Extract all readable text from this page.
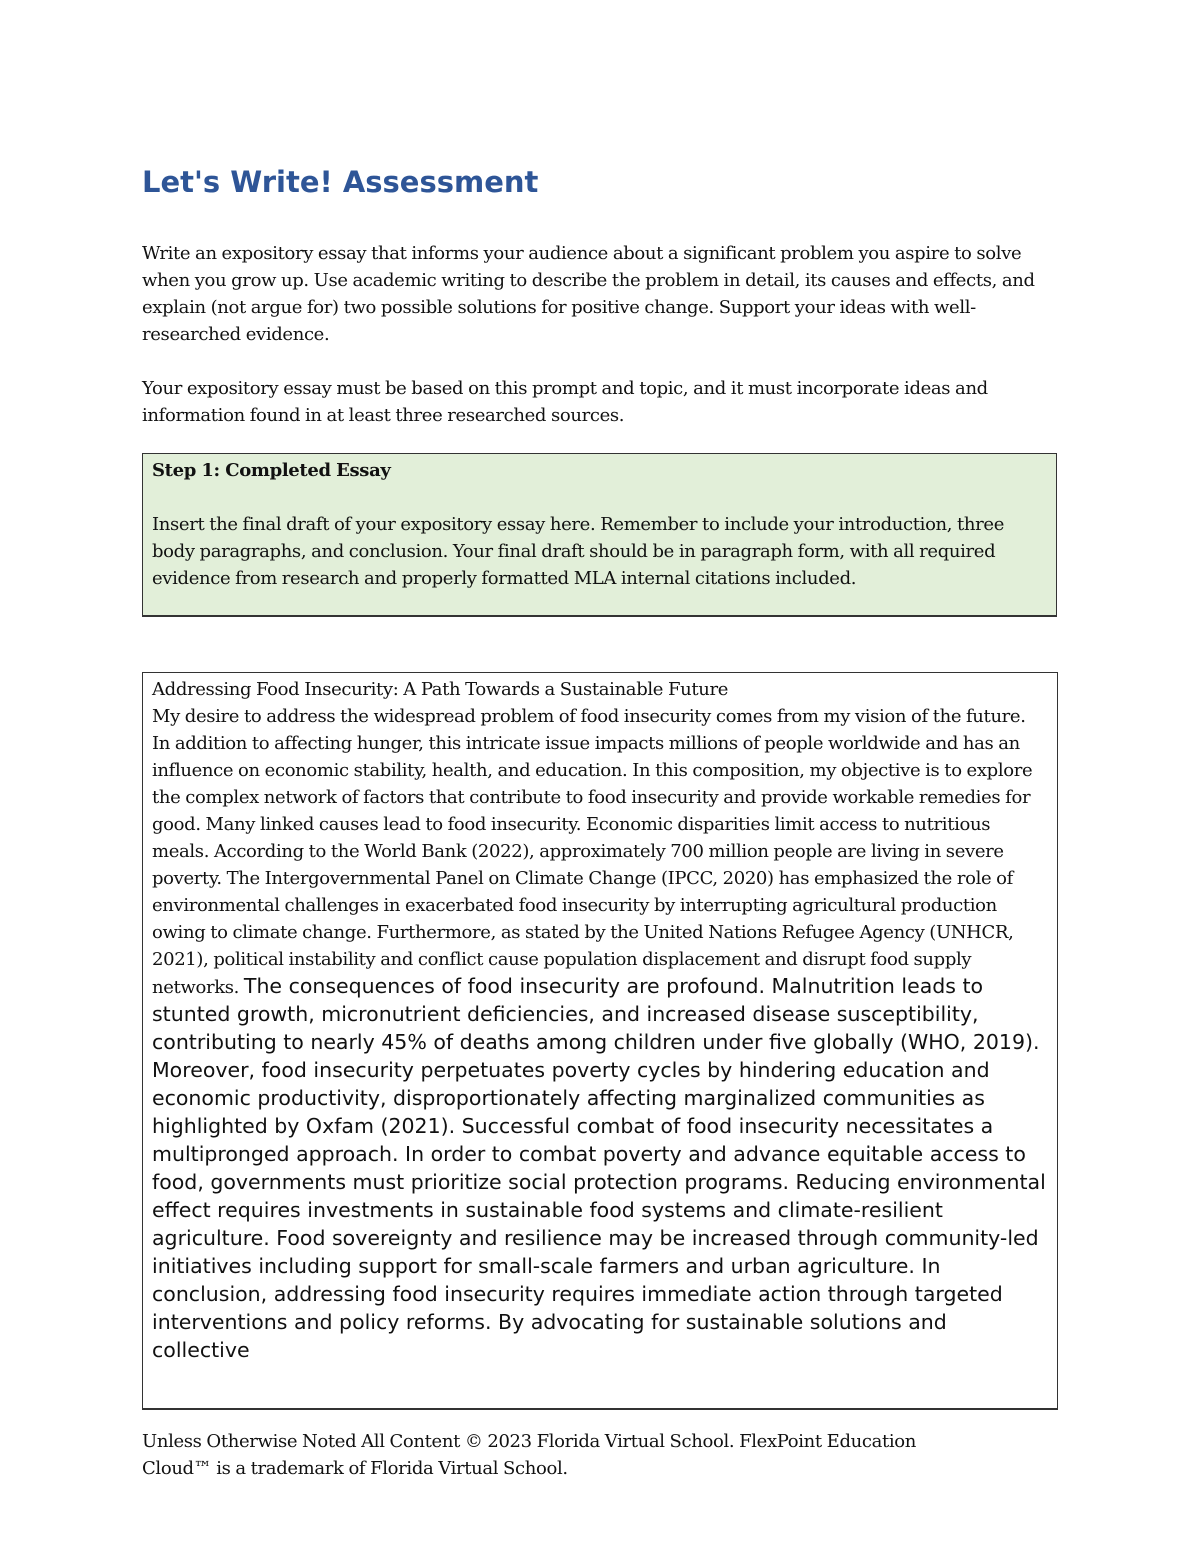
Let's Write! Assessment

Write an expository essay that informs your audience about a significant problem you aspire to solve when you grow up. Use academic writing to describe the problem in detail, its causes and effects, and explain (not argue for) two possible solutions for positive change. Support your ideas with well-researched evidence.

Your expository essay must be based on this prompt and topic, and it must incorporate ideas and information found in at least three researched sources.

Step 1: Completed Essay

Insert the final draft of your expository essay here. Remember to include your introduction, three body paragraphs, and conclusion. Your final draft should be in paragraph form, with all required evidence from research and properly formatted MLA internal citations included.

Addressing Food Insecurity: A Path Towards a Sustainable Future

My desire to address the widespread problem of food insecurity comes from my vision of the future. In addition to affecting hunger, this intricate issue impacts millions of people worldwide and has an influence on economic stability, health, and education. In this composition, my objective is to explore the complex network of factors that contribute to food insecurity and provide workable remedies for good. Many linked causes lead to food insecurity. Economic disparities limit access to nutritious meals. According to the World Bank (2022), approximately 700 million people are living in severe poverty. The Intergovernmental Panel on Climate Change (IPCC, 2020) has emphasized the role of environmental challenges in exacerbated food insecurity by interrupting agricultural production owing to climate change. Furthermore, as stated by the United Nations Refugee Agency (UNHCR, 2021), political instability and conflict cause population displacement and disrupt food supply networks. The consequences of food insecurity are profound. Malnutrition leads to stunted growth, micronutrient deficiencies, and increased disease susceptibility, contributing to nearly 45% of deaths among children under five globally (WHO, 2019). Moreover, food insecurity perpetuates poverty cycles by hindering education and economic productivity, disproportionately affecting marginalized communities as highlighted by Oxfam (2021). Successful combat of food insecurity necessitates a multipronged approach. In order to combat poverty and advance equitable access to food, governments must prioritize social protection programs. Reducing environmental effect requires investments in sustainable food systems and climate-resilient agriculture. Food sovereignty and resilience may be increased through community-led initiatives including support for small-scale farmers and urban agriculture. In conclusion, addressing food insecurity requires immediate action through targeted interventions and policy reforms. By advocating for sustainable solutions and collective

Unless Otherwise Noted All Content © 2023 Florida Virtual School. FlexPoint Education

Cloud™ is a trademark of Florida Virtual School.
